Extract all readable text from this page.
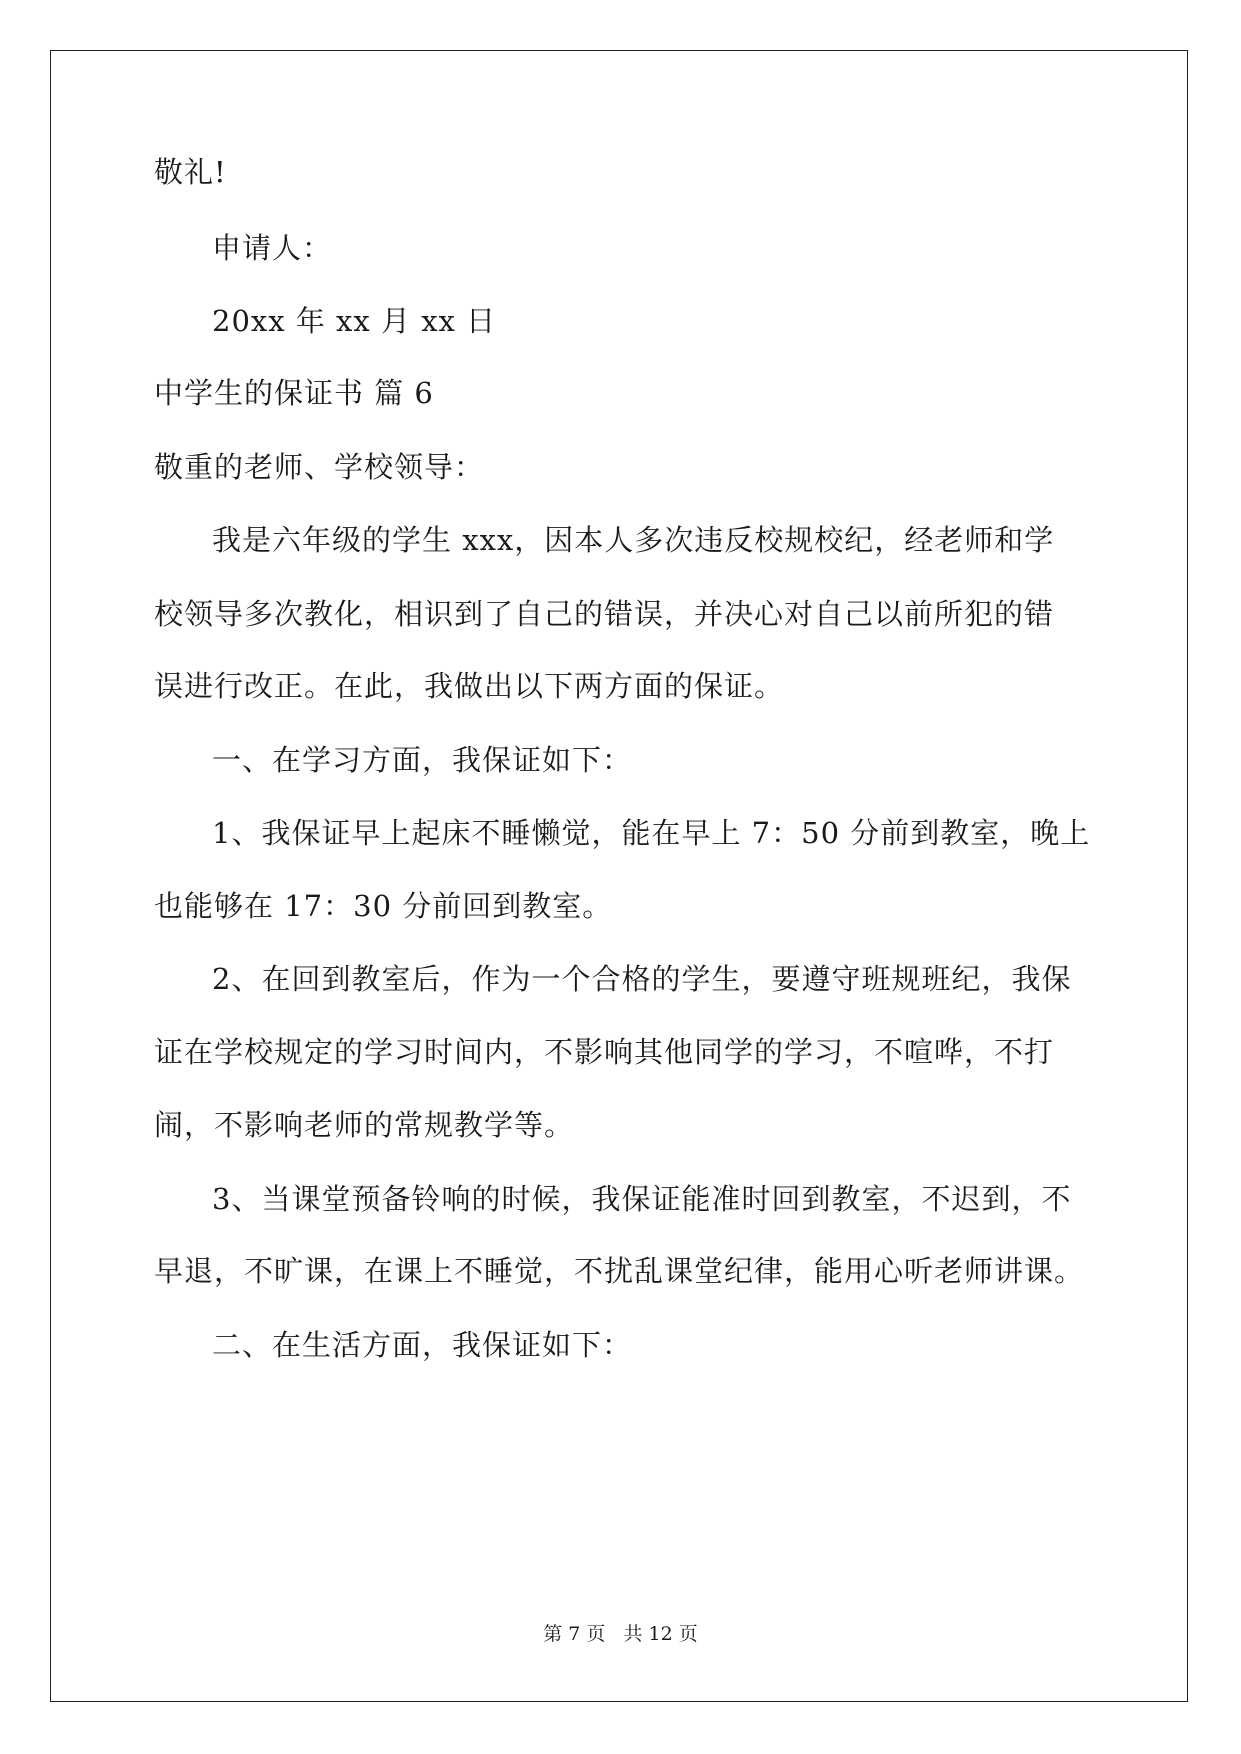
敬礼!
申请人：
20xx 年 xx 月 xx 日
中学生的保证书 篇 6
敬重的老师、学校领导：
我是六年级的学生 xxx，因本人多次违反校规校纪，经老师和学
校领导多次教化，相识到了自己的错误，并决心对自己以前所犯的错
误进行改正。在此，我做出以下两方面的保证。
一、在学习方面，我保证如下：
1、我保证早上起床不睡懒觉，能在早上 7：50 分前到教室，晚上
也能够在 17：30 分前回到教室。
2、在回到教室后，作为一个合格的学生，要遵守班规班纪，我保
证在学校规定的学习时间内，不影响其他同学的学习，不喧哗，不打
闹，不影响老师的常规教学等。
3、当课堂预备铃响的时候，我保证能准时回到教室，不迟到，不
早退，不旷课，在课上不睡觉，不扰乱课堂纪律，能用心听老师讲课。
二、在生活方面，我保证如下：
第 7 页 共 12 页
